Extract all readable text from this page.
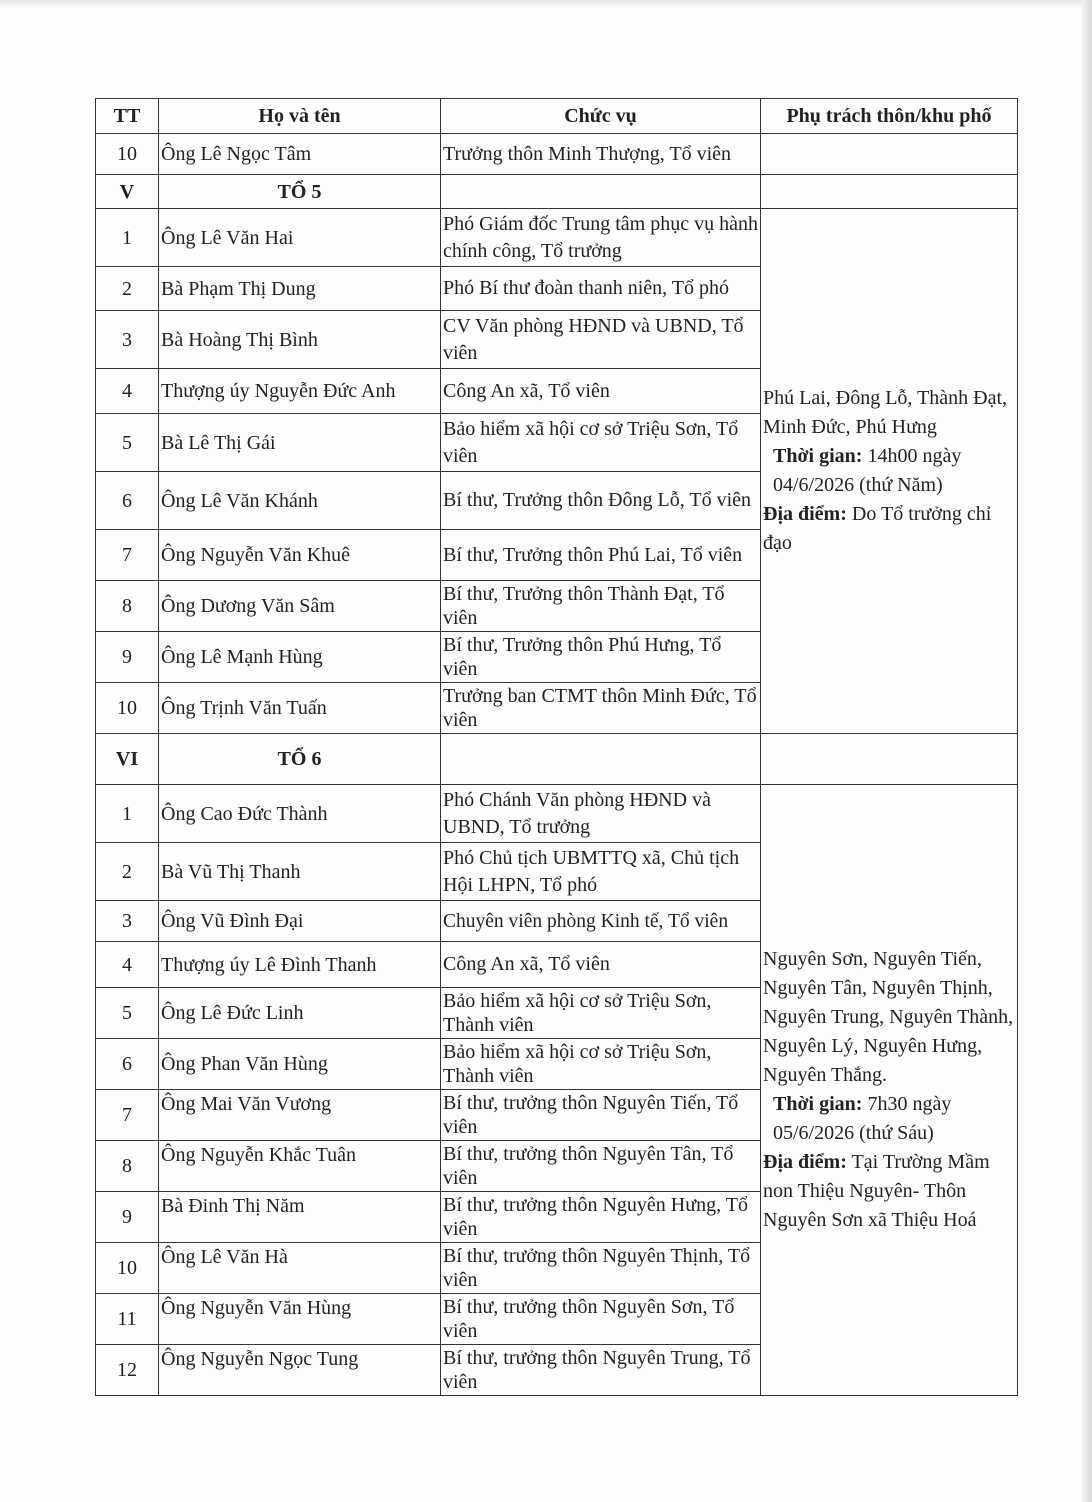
TT	Họ và tên	Chức vụ	Phụ trách thôn/khu phố
10	Ông Lê Ngọc Tâm	Trưởng thôn Minh Thượng, Tổ viên	
V	TỔ 5		
1	Ông Lê Văn Hai	Phó Giám đốc Trung tâm phục vụ hành chính công, Tổ trưởng	Phú Lai, Đông Lỗ, Thành Đạt, Minh Đức, Phú Hưng
Thời gian: 14h00 ngày 04/6/2026 (thứ Năm)
Địa điểm: Do Tổ trưởng chỉ đạo

2	Bà Phạm Thị Dung	Phó Bí thư đoàn thanh niên, Tổ phó	
3	Bà Hoàng Thị Bình	CV Văn phòng HĐND và UBND, Tổ viên	
4	Thượng úy Nguyễn Đức Anh	Công An xã, Tổ viên	
5	Bà Lê Thị Gái	Bảo hiểm xã hội cơ sở Triệu Sơn, Tổ viên	
6	Ông Lê Văn Khánh	Bí thư, Trưởng thôn Đông Lỗ, Tổ viên	
7	Ông Nguyễn Văn Khuê	Bí thư, Trưởng thôn Phú Lai, Tổ viên	
8	Ông Dương Văn Sâm	Bí thư, Trưởng thôn Thành Đạt, Tổ viên	
9	Ông Lê Mạnh Hùng	Bí thư, Trưởng thôn Phú Hưng, Tổ viên	
10	Ông Trịnh Văn Tuấn	Trưởng ban CTMT thôn Minh Đức, Tổ viên	
VI	TỔ 6		
1	Ông Cao Đức Thành	Phó Chánh Văn phòng HĐND và UBND, Tổ trưởng	Nguyên Sơn, Nguyên Tiến, Nguyên Tân, Nguyên Thịnh, Nguyên Trung, Nguyên Thành, Nguyên Lý, Nguyên Hưng, Nguyên Thắng.
Thời gian: 7h30 ngày 05/6/2026 (thứ Sáu)
Địa điểm: Tại Trường Mầm non Thiệu Nguyên- Thôn Nguyên Sơn xã Thiệu Hoá

2	Bà Vũ Thị Thanh	Phó Chủ tịch UBMTTQ xã, Chủ tịch Hội LHPN, Tổ phó	
3	Ông Vũ Đình Đại	Chuyên viên phòng Kinh tế, Tổ viên	
4	Thượng úy Lê Đình Thanh	Công An xã, Tổ viên	
5	Ông Lê Đức Linh	Bảo hiểm xã hội cơ sở Triệu Sơn, Thành viên	
6	Ông Phan Văn Hùng	Bảo hiểm xã hội cơ sở Triệu Sơn, Thành viên	
7	Ông Mai Văn Vương	Bí thư, trưởng thôn Nguyên Tiến, Tổ viên	
8	Ông Nguyễn Khắc Tuân	Bí thư, trưởng thôn Nguyên Tân, Tổ viên	
9	Bà Đinh Thị Năm	Bí thư, trưởng thôn Nguyên Hưng, Tổ viên	
10	Ông Lê Văn Hà	Bí thư, trưởng thôn Nguyên Thịnh, Tổ viên	
11	Ông Nguyễn Văn Hùng	Bí thư, trưởng thôn Nguyên Sơn, Tổ viên	
12	Ông Nguyễn Ngọc Tung	Bí thư, trưởng thôn Nguyên Trung, Tổ viên	
